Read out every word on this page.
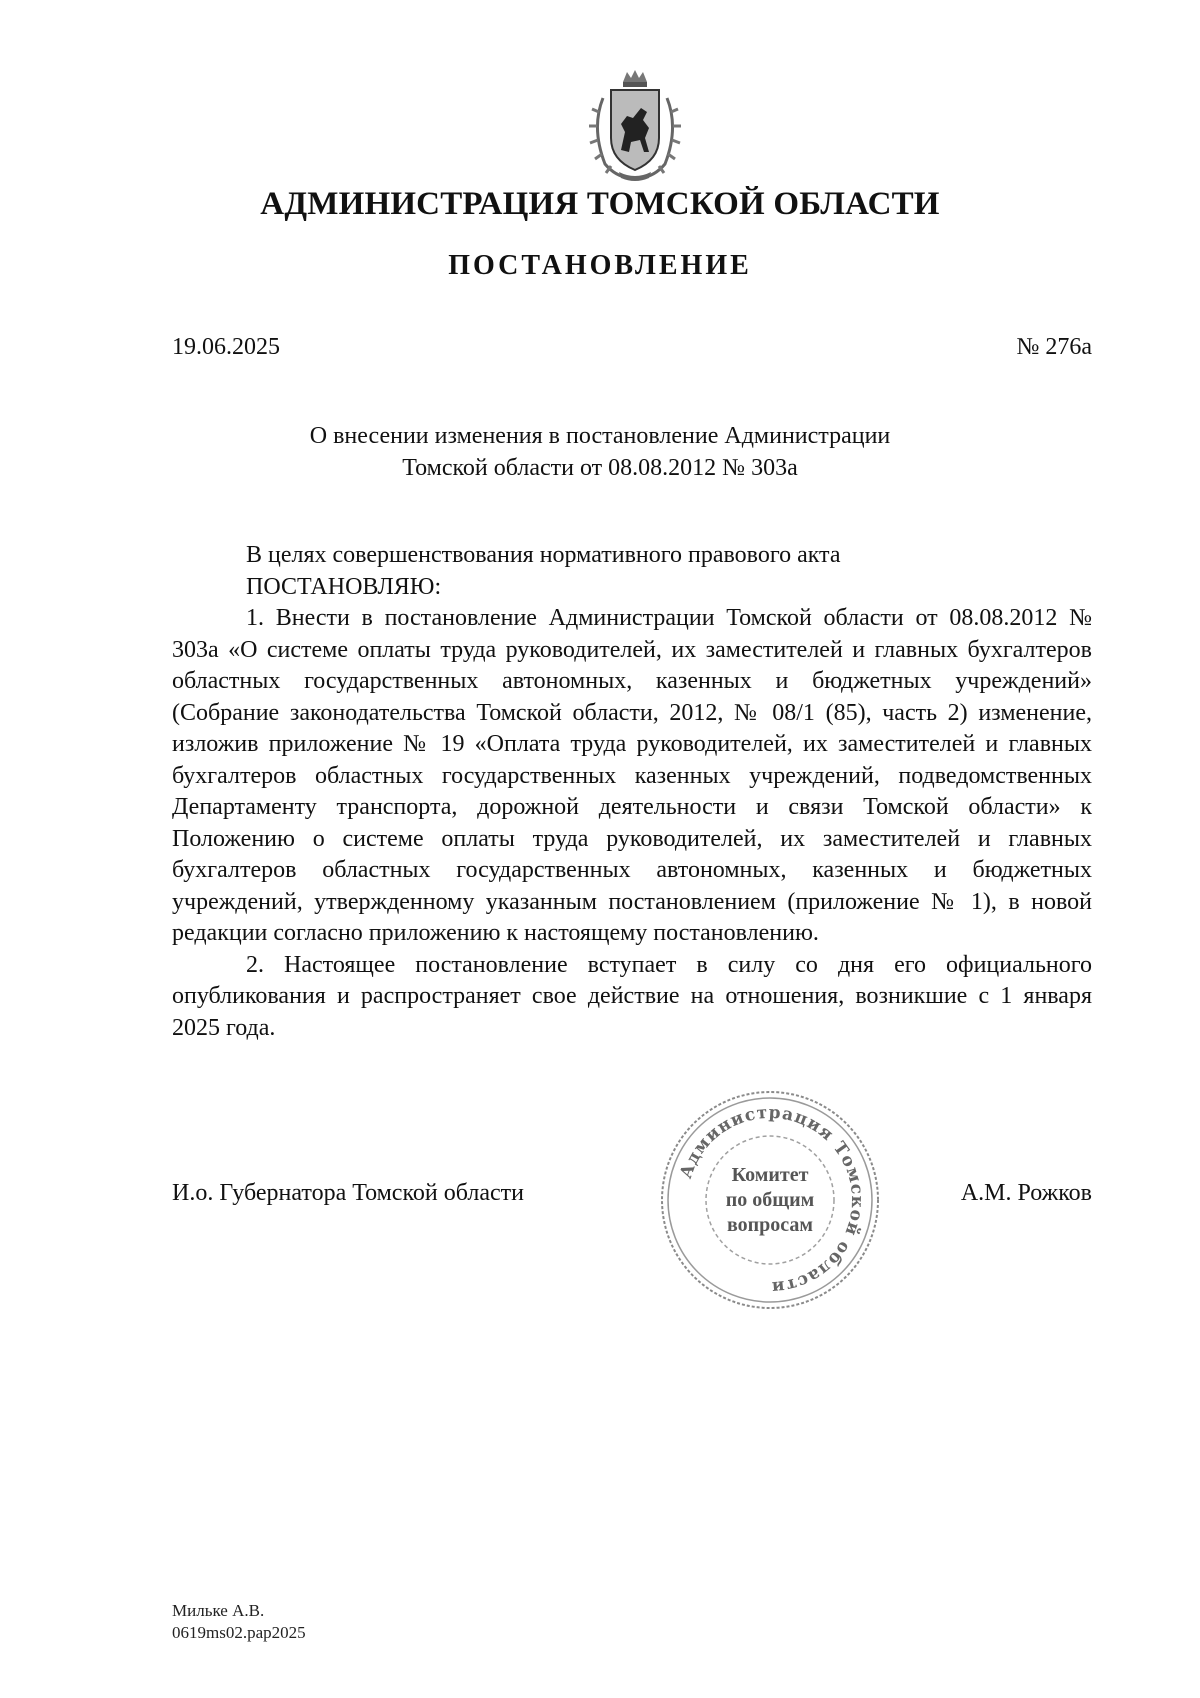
АДМИНИСТРАЦИЯ ТОМСКОЙ ОБЛАСТИ
ПОСТАНОВЛЕНИЕ
19.06.2025	№ 276а
О внесении изменения в постановление Администрации
Томской области от 08.08.2012 № 303а

В целях совершенствования нормативного правового акта

ПОСТАНОВЛЯЮ:

1. Внести в постановление Администрации Томской области от 08.08.2012 № 303а «О системе оплаты труда руководителей, их заместителей и главных бухгалтеров областных государственных автономных, казенных и бюджетных учреждений» (Собрание законодательства Томской области, 2012, № 08/1 (85), часть 2) изменение, изложив приложение № 19 «Оплата труда руководителей, их заместителей и главных бухгалтеров областных государственных казенных учреждений, подведомственных Департаменту транспорта, дорожной деятельности и связи Томской области» к Положению о системе оплаты труда руководителей, их заместителей и главных бухгалтеров областных государственных автономных, казенных и бюджетных учреждений, утвержденному указанным постановлением (приложение № 1), в новой редакции согласно приложению к настоящему постановлению.

2. Настоящее постановление вступает в силу со дня его официального опубликования и распространяет свое действие на отношения, возникшие с 1 января 2025 года.

И.о. Губернатора Томской области	А.М. Рожков
Администрация Томской области
Комитет
по общим
вопросам
Мильке А.В.
0619ms02.pap2025
